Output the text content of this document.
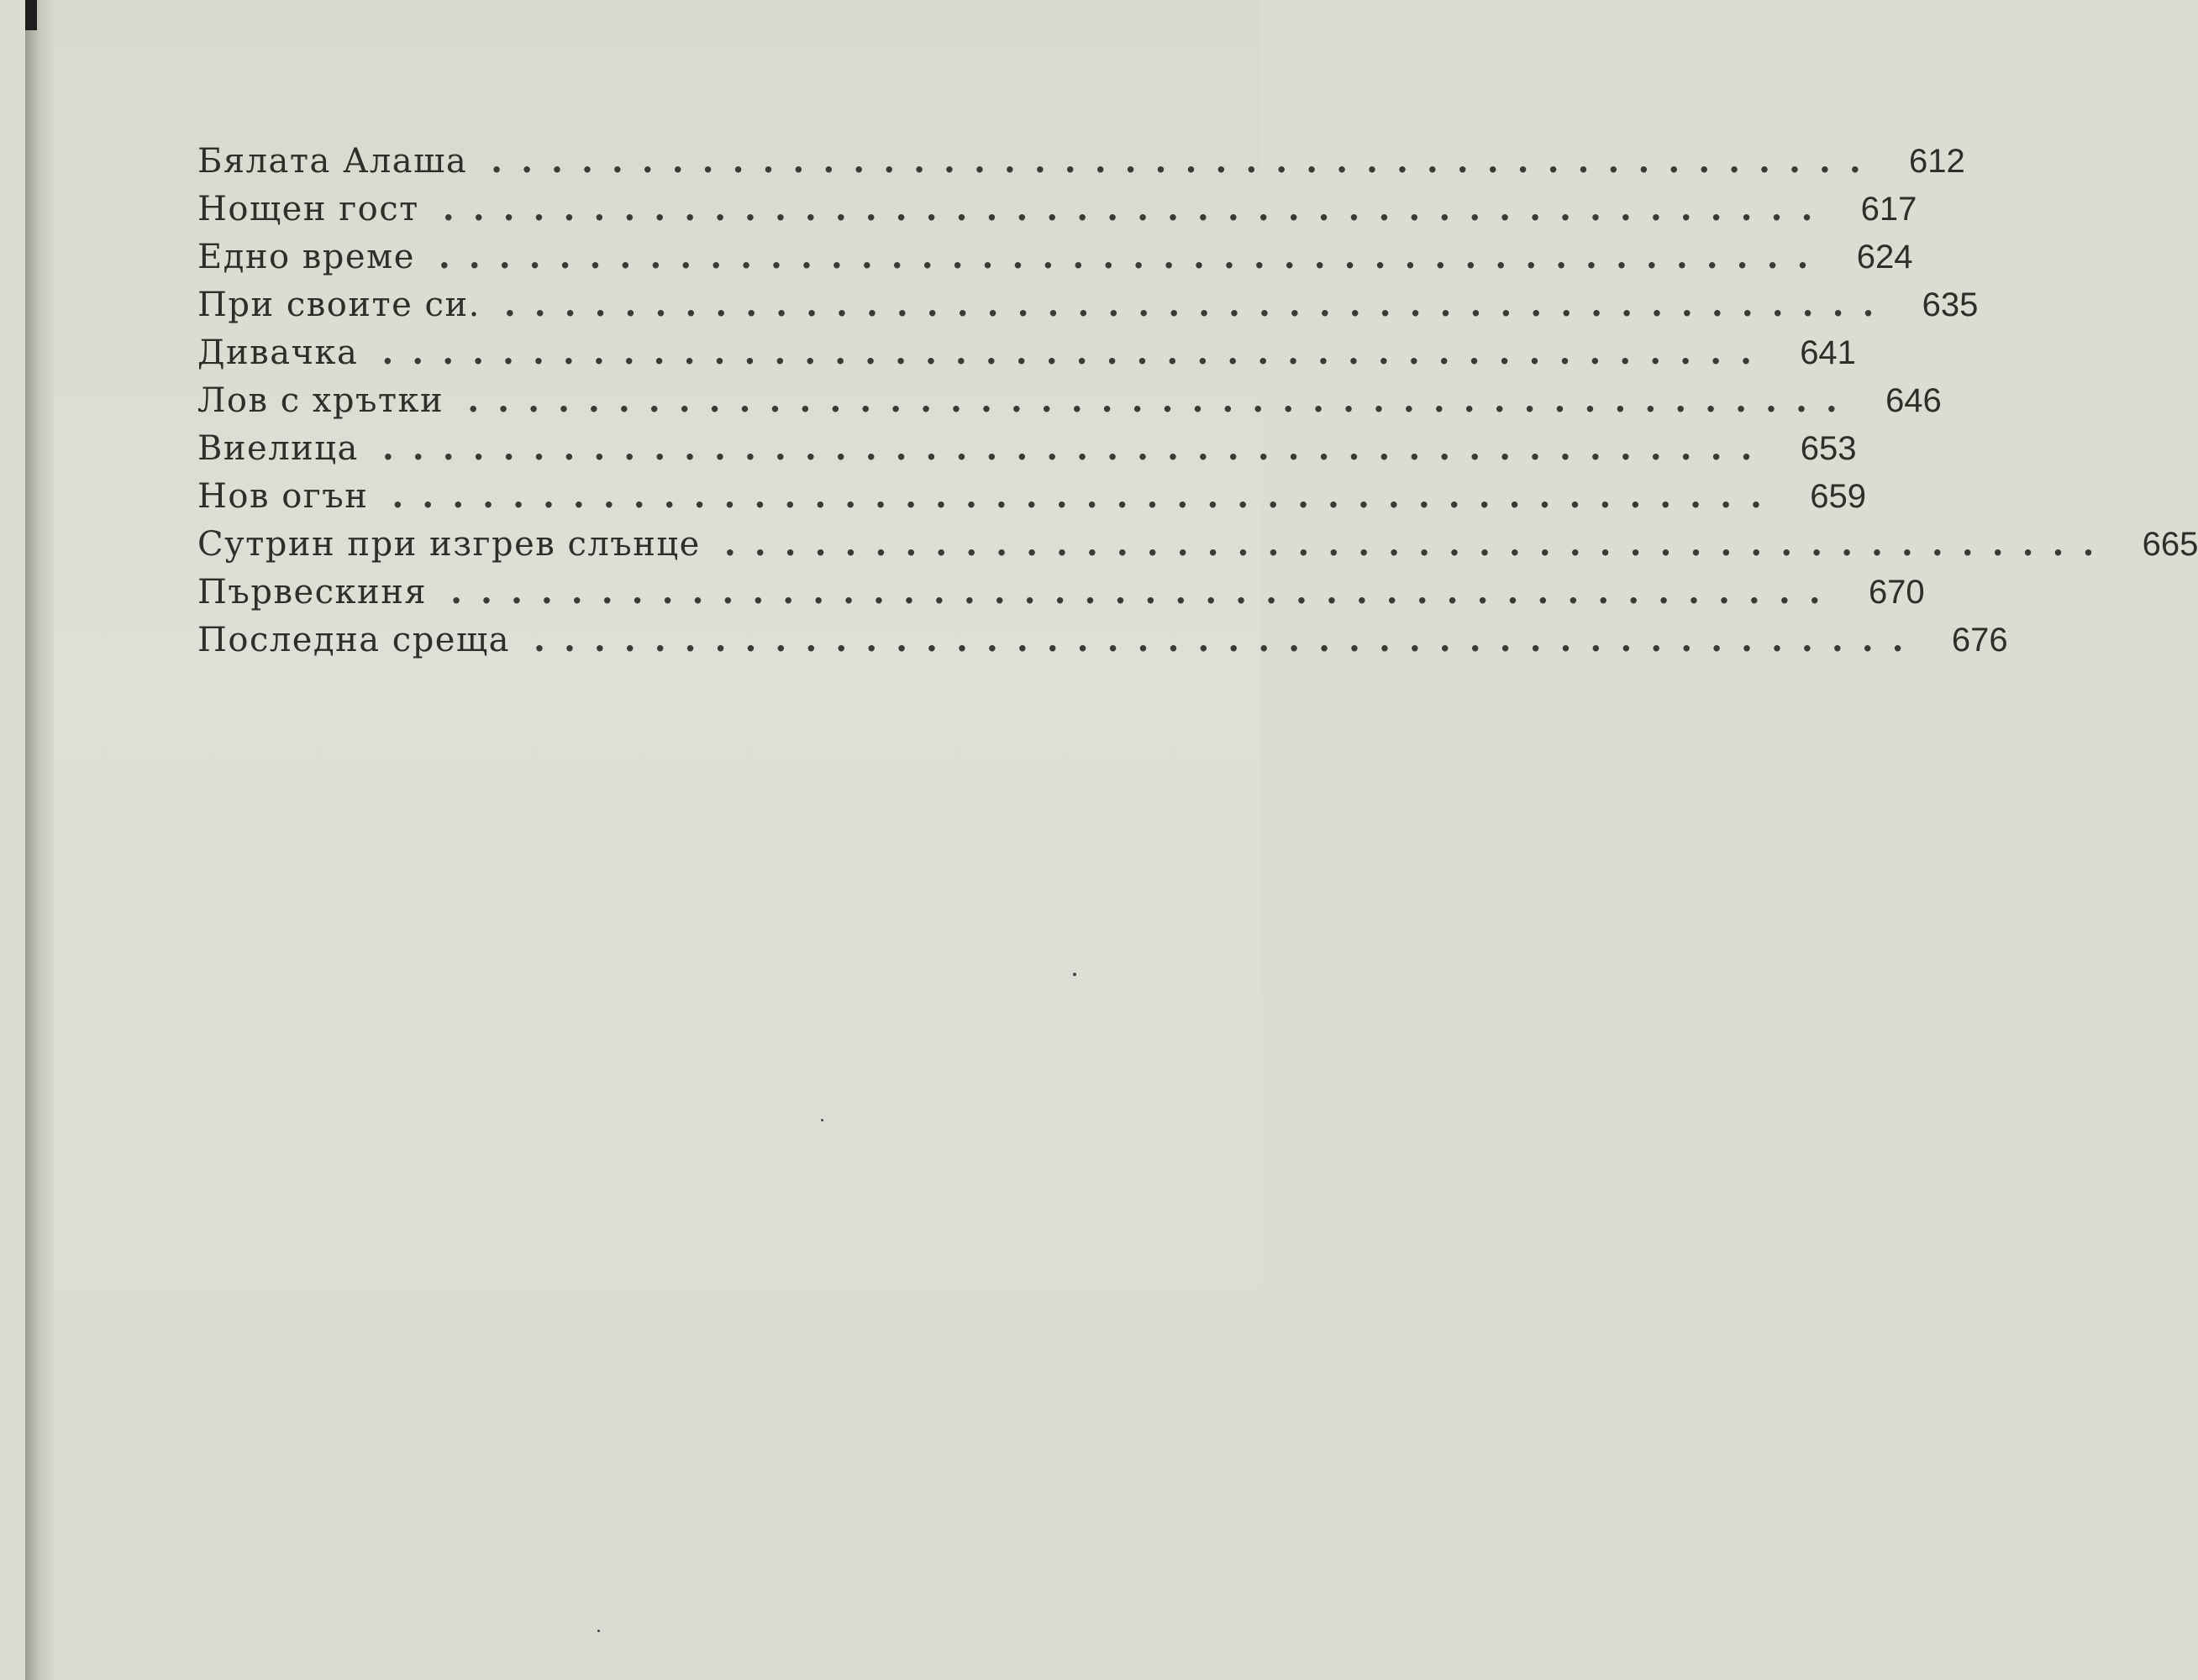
Бялата Алаша .............................................. 612
Нощен гост .............................................. 617
Едно време .............................................. 624
При своите си. .............................................. 635
Дивачка .............................................. 641
Лов с хрътки .............................................. 646
Виелица .............................................. 653
Нов огън .............................................. 659
Сутрин при изгрев слънце .............................................. 665
Първескиня .............................................. 670
Последна среща .............................................. 676
